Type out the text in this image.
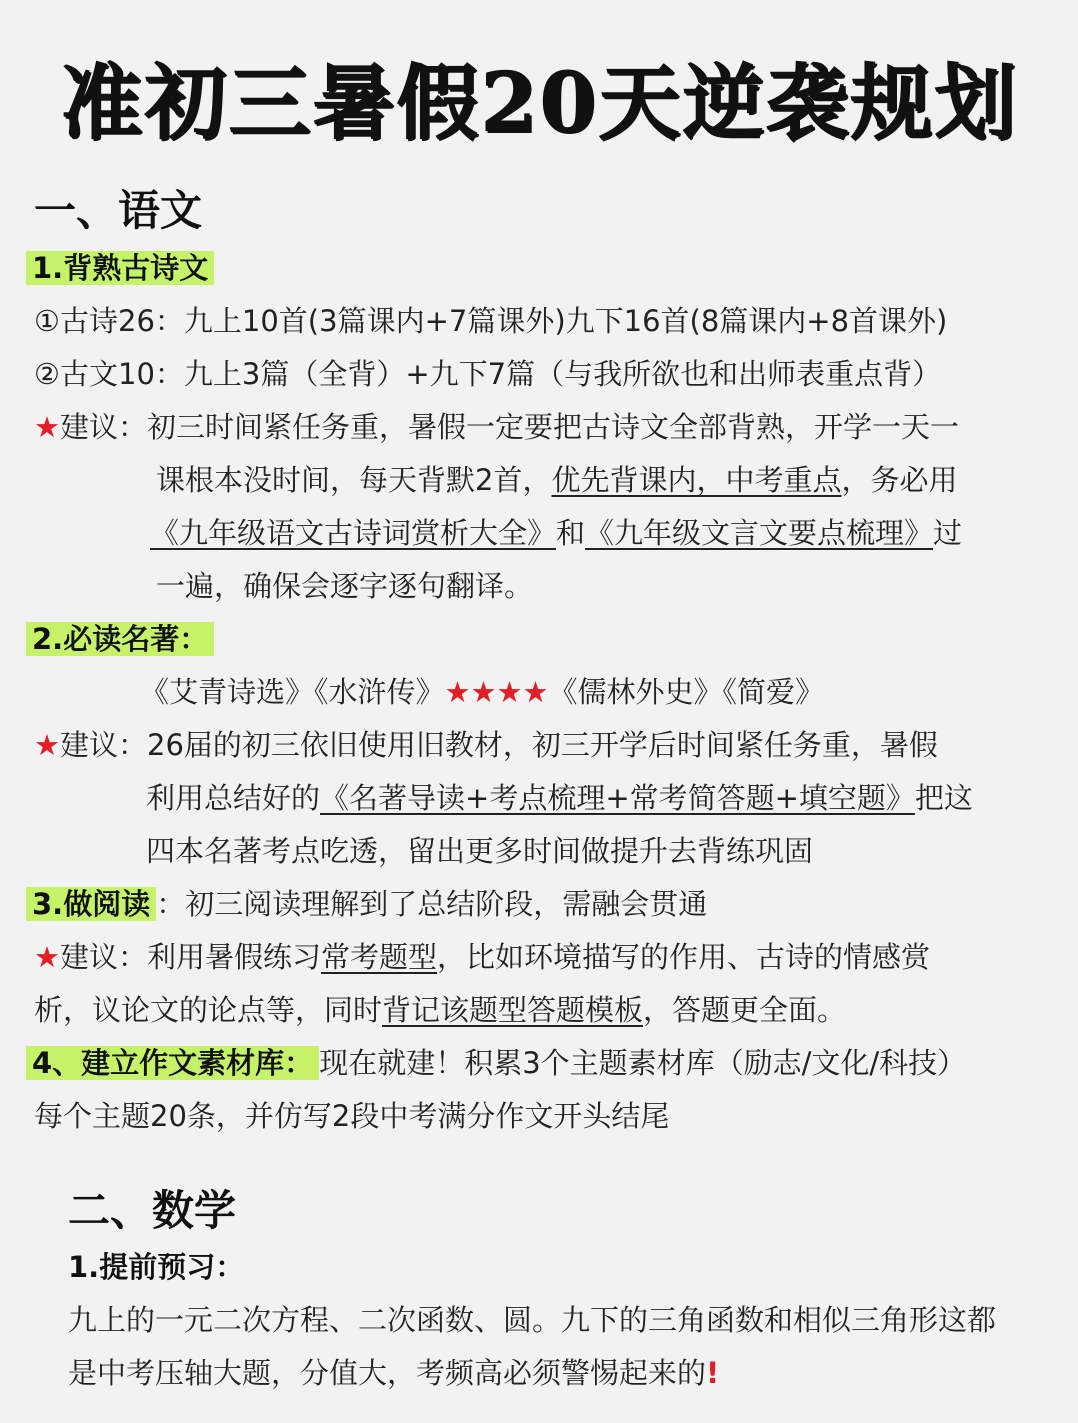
准初三暑假20天逆袭规划
一、语文
1.背熟古诗文
①古诗26：九上10首(3篇课内+7篇课外)九下16首(8篇课内+8首课外)
②古文10：九上3篇（全背）+九下7篇（与我所欲也和出师表重点背）
★建议：初三时间紧任务重，暑假一定要把古诗文全部背熟，开学一天一
课根本没时间，每天背默2首，优先背课内，中考重点，务必用
《九年级语文古诗词赏析大全》和《九年级文言文要点梳理》过
一遍，确保会逐字逐句翻译。
2.必读名著：
《艾青诗选》《水浒传》★★★★《儒林外史》《简爱》
★建议：26届的初三依旧使用旧教材，初三开学后时间紧任务重，暑假
利用总结好的《名著导读+考点梳理+常考简答题+填空题》把这
四本名著考点吃透，留出更多时间做提升去背练巩固
3.做阅读 ：初三阅读理解到了总结阶段，需融会贯通
★建议：利用暑假练习常考题型，比如环境描写的作用、古诗的情感赏
析，议论文的论点等，同时背记该题型答题模板，答题更全面。
4、建立作文素材库： 现在就建！积累3个主题素材库（励志/文化/科技）
每个主题20条，并仿写2段中考满分作文开头结尾
二、数学
1.提前预习：
九上的一元二次方程、二次函数、圆。九下的三角函数和相似三角形这都
是中考压轴大题，分值大，考频高必须警惕起来的!
